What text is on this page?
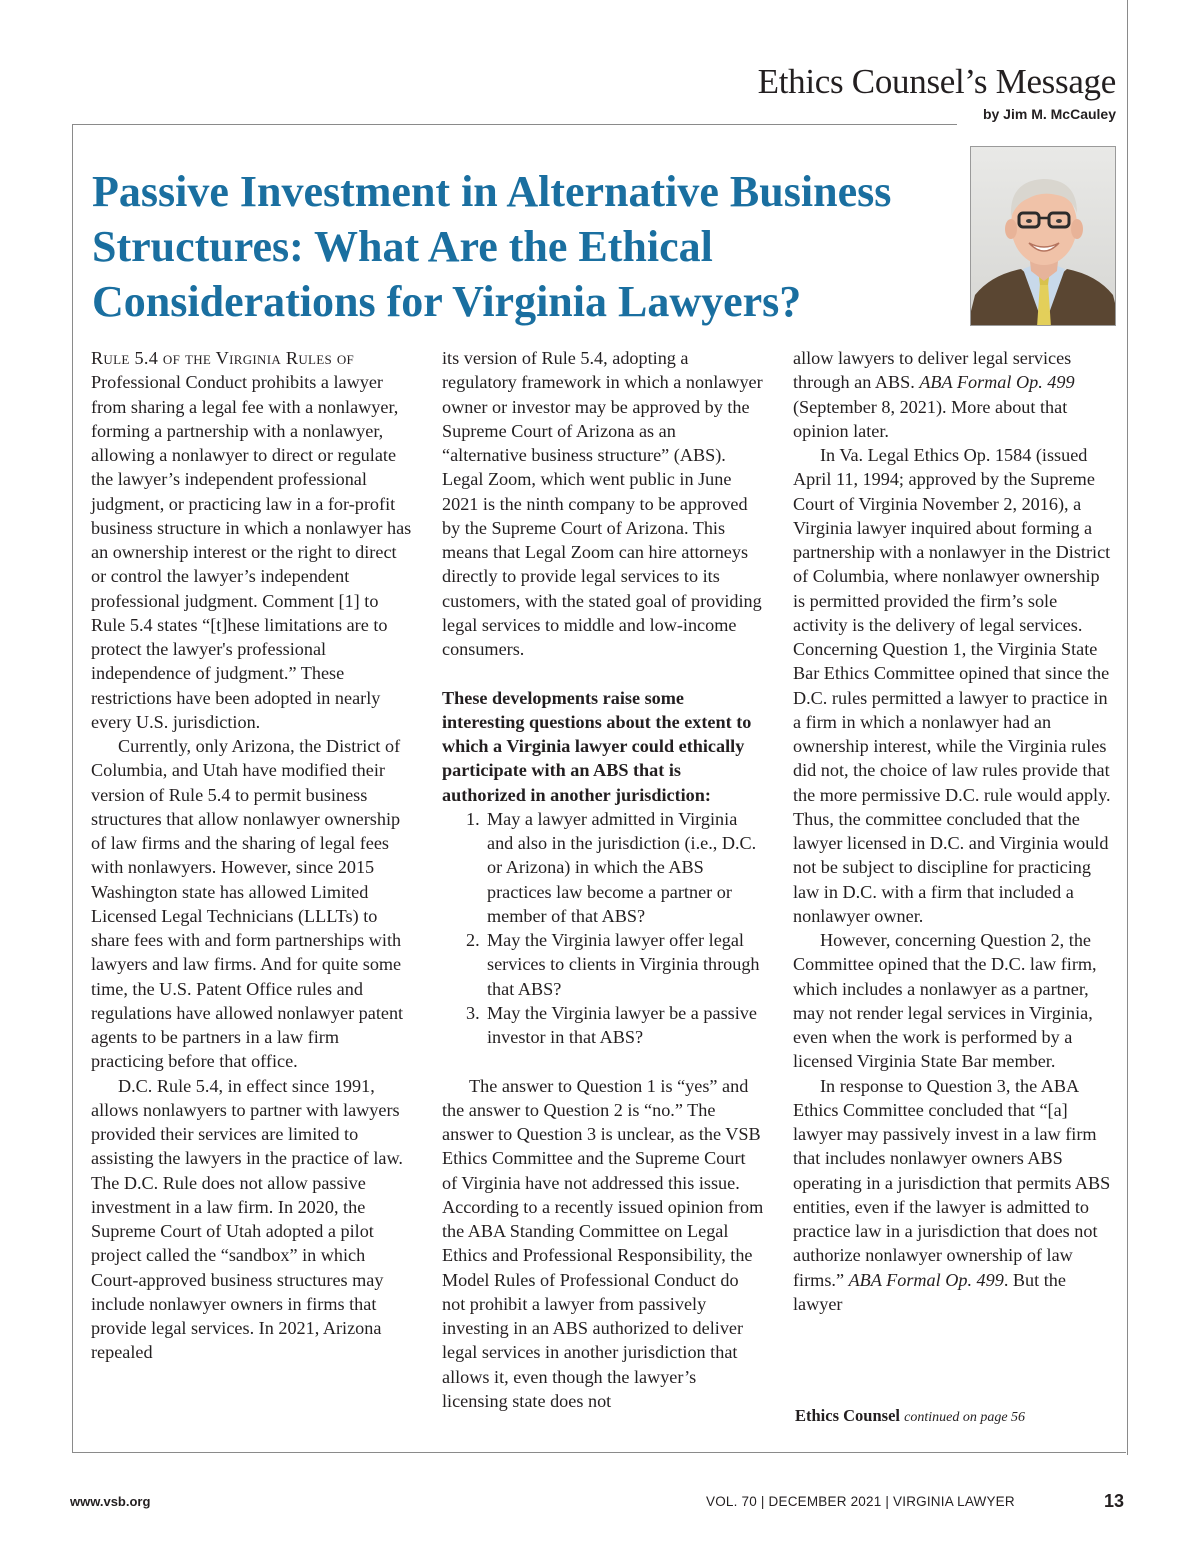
Ethics Counsel’s Message
by Jim M. McCauley
Passive Investment in Alternative Business Structures: What Are the Ethical Considerations for Virginia Lawyers?

Rule 5.4 of the Virginia Rules of Professional Conduct prohibits a lawyer from sharing a legal fee with a nonlawyer, forming a partnership with a nonlawyer, allowing a nonlawyer to direct or regulate the lawyer’s independent professional judgment, or practicing law in a for-profit business structure in which a nonlawyer has an ownership interest or the right to direct or control the lawyer’s independent professional judgment. Comment [1] to Rule 5.4 states “[t]hese limitations are to protect the lawyer's professional independence of judgment.” These restrictions have been adopted in nearly every U.S. jurisdiction.

Currently, only Arizona, the District of Columbia, and Utah have modified their version of Rule 5.4 to permit business structures that allow nonlawyer ownership of law firms and the sharing of legal fees with nonlawyers. However, since 2015 Washington state has allowed Limited Licensed Legal Technicians (LLLTs) to share fees with and form partnerships with lawyers and law firms. And for quite some time, the U.S. Patent Office rules and regulations have allowed nonlawyer patent agents to be partners in a law firm practicing before that office.

D.C. Rule 5.4, in effect since 1991, allows nonlawyers to partner with lawyers provided their services are limited to assisting the lawyers in the practice of law. The D.C. Rule does not allow passive investment in a law firm. In 2020, the Supreme Court of Utah adopted a pilot project called the “sandbox” in which Court-approved business structures may include nonlawyer owners in firms that provide legal services. In 2021, Arizona repealed

its version of Rule 5.4, adopting a regulatory framework in which a nonlawyer owner or investor may be approved by the Supreme Court of Arizona as an “alternative business structure” (ABS). Legal Zoom, which went public in June 2021 is the ninth company to be approved by the Supreme Court of Arizona. This means that Legal Zoom can hire attorneys directly to provide legal services to its customers, with the stated goal of providing legal services to middle and low-income consumers.

These developments raise some interesting questions about the extent to which a Virginia lawyer could ethically participate with an ABS that is authorized in another jurisdiction:

1. May a lawyer admitted in Virginia and also in the jurisdiction (i.e., D.C. or Arizona) in which the ABS practices law become a partner or member of that ABS?
2. May the Virginia lawyer offer legal services to clients in Virginia through that ABS?
3. May the Virginia lawyer be a passive investor in that ABS?

The answer to Question 1 is “yes” and the answer to Question 2 is “no.” The answer to Question 3 is unclear, as the VSB Ethics Committee and the Supreme Court of Virginia have not addressed this issue. According to a recently issued opinion from the ABA Standing Committee on Legal Ethics and Professional Responsibility, the Model Rules of Professional Conduct do not prohibit a lawyer from passively investing in an ABS authorized to deliver legal services in another jurisdiction that allows it, even though the lawyer’s licensing state does not

allow lawyers to deliver legal services through an ABS. ABA Formal Op. 499 (September 8, 2021). More about that opinion later.

In Va. Legal Ethics Op. 1584 (issued April 11, 1994; approved by the Supreme Court of Virginia November 2, 2016), a Virginia lawyer inquired about forming a partnership with a nonlawyer in the District of Columbia, where nonlawyer ownership is permitted provided the firm’s sole activity is the delivery of legal services. Concerning Question 1, the Virginia State Bar Ethics Committee opined that since the D.C. rules permitted a lawyer to practice in a firm in which a nonlawyer had an ownership interest, while the Virginia rules did not, the choice of law rules provide that the more permissive D.C. rule would apply. Thus, the committee concluded that the lawyer licensed in D.C. and Virginia would not be subject to discipline for practicing law in D.C. with a firm that included a nonlawyer owner.

However, concerning Question 2, the Committee opined that the D.C. law firm, which includes a nonlawyer as a partner, may not render legal services in Virginia, even when the work is performed by a licensed Virginia State Bar member.

In response to Question 3, the ABA Ethics Committee concluded that “[a] lawyer may passively invest in a law firm that includes nonlawyer owners ABS operating in a jurisdiction that permits ABS entities, even if the lawyer is admitted to practice law in a jurisdiction that does not authorize nonlawyer ownership of law firms.” ABA Formal Op. 499. But the lawyer

Ethics Counsel continued on page 56
www.vsb.org	VOL. 70 | DECEMBER 2021 | VIRGINIA LAWYER	13
